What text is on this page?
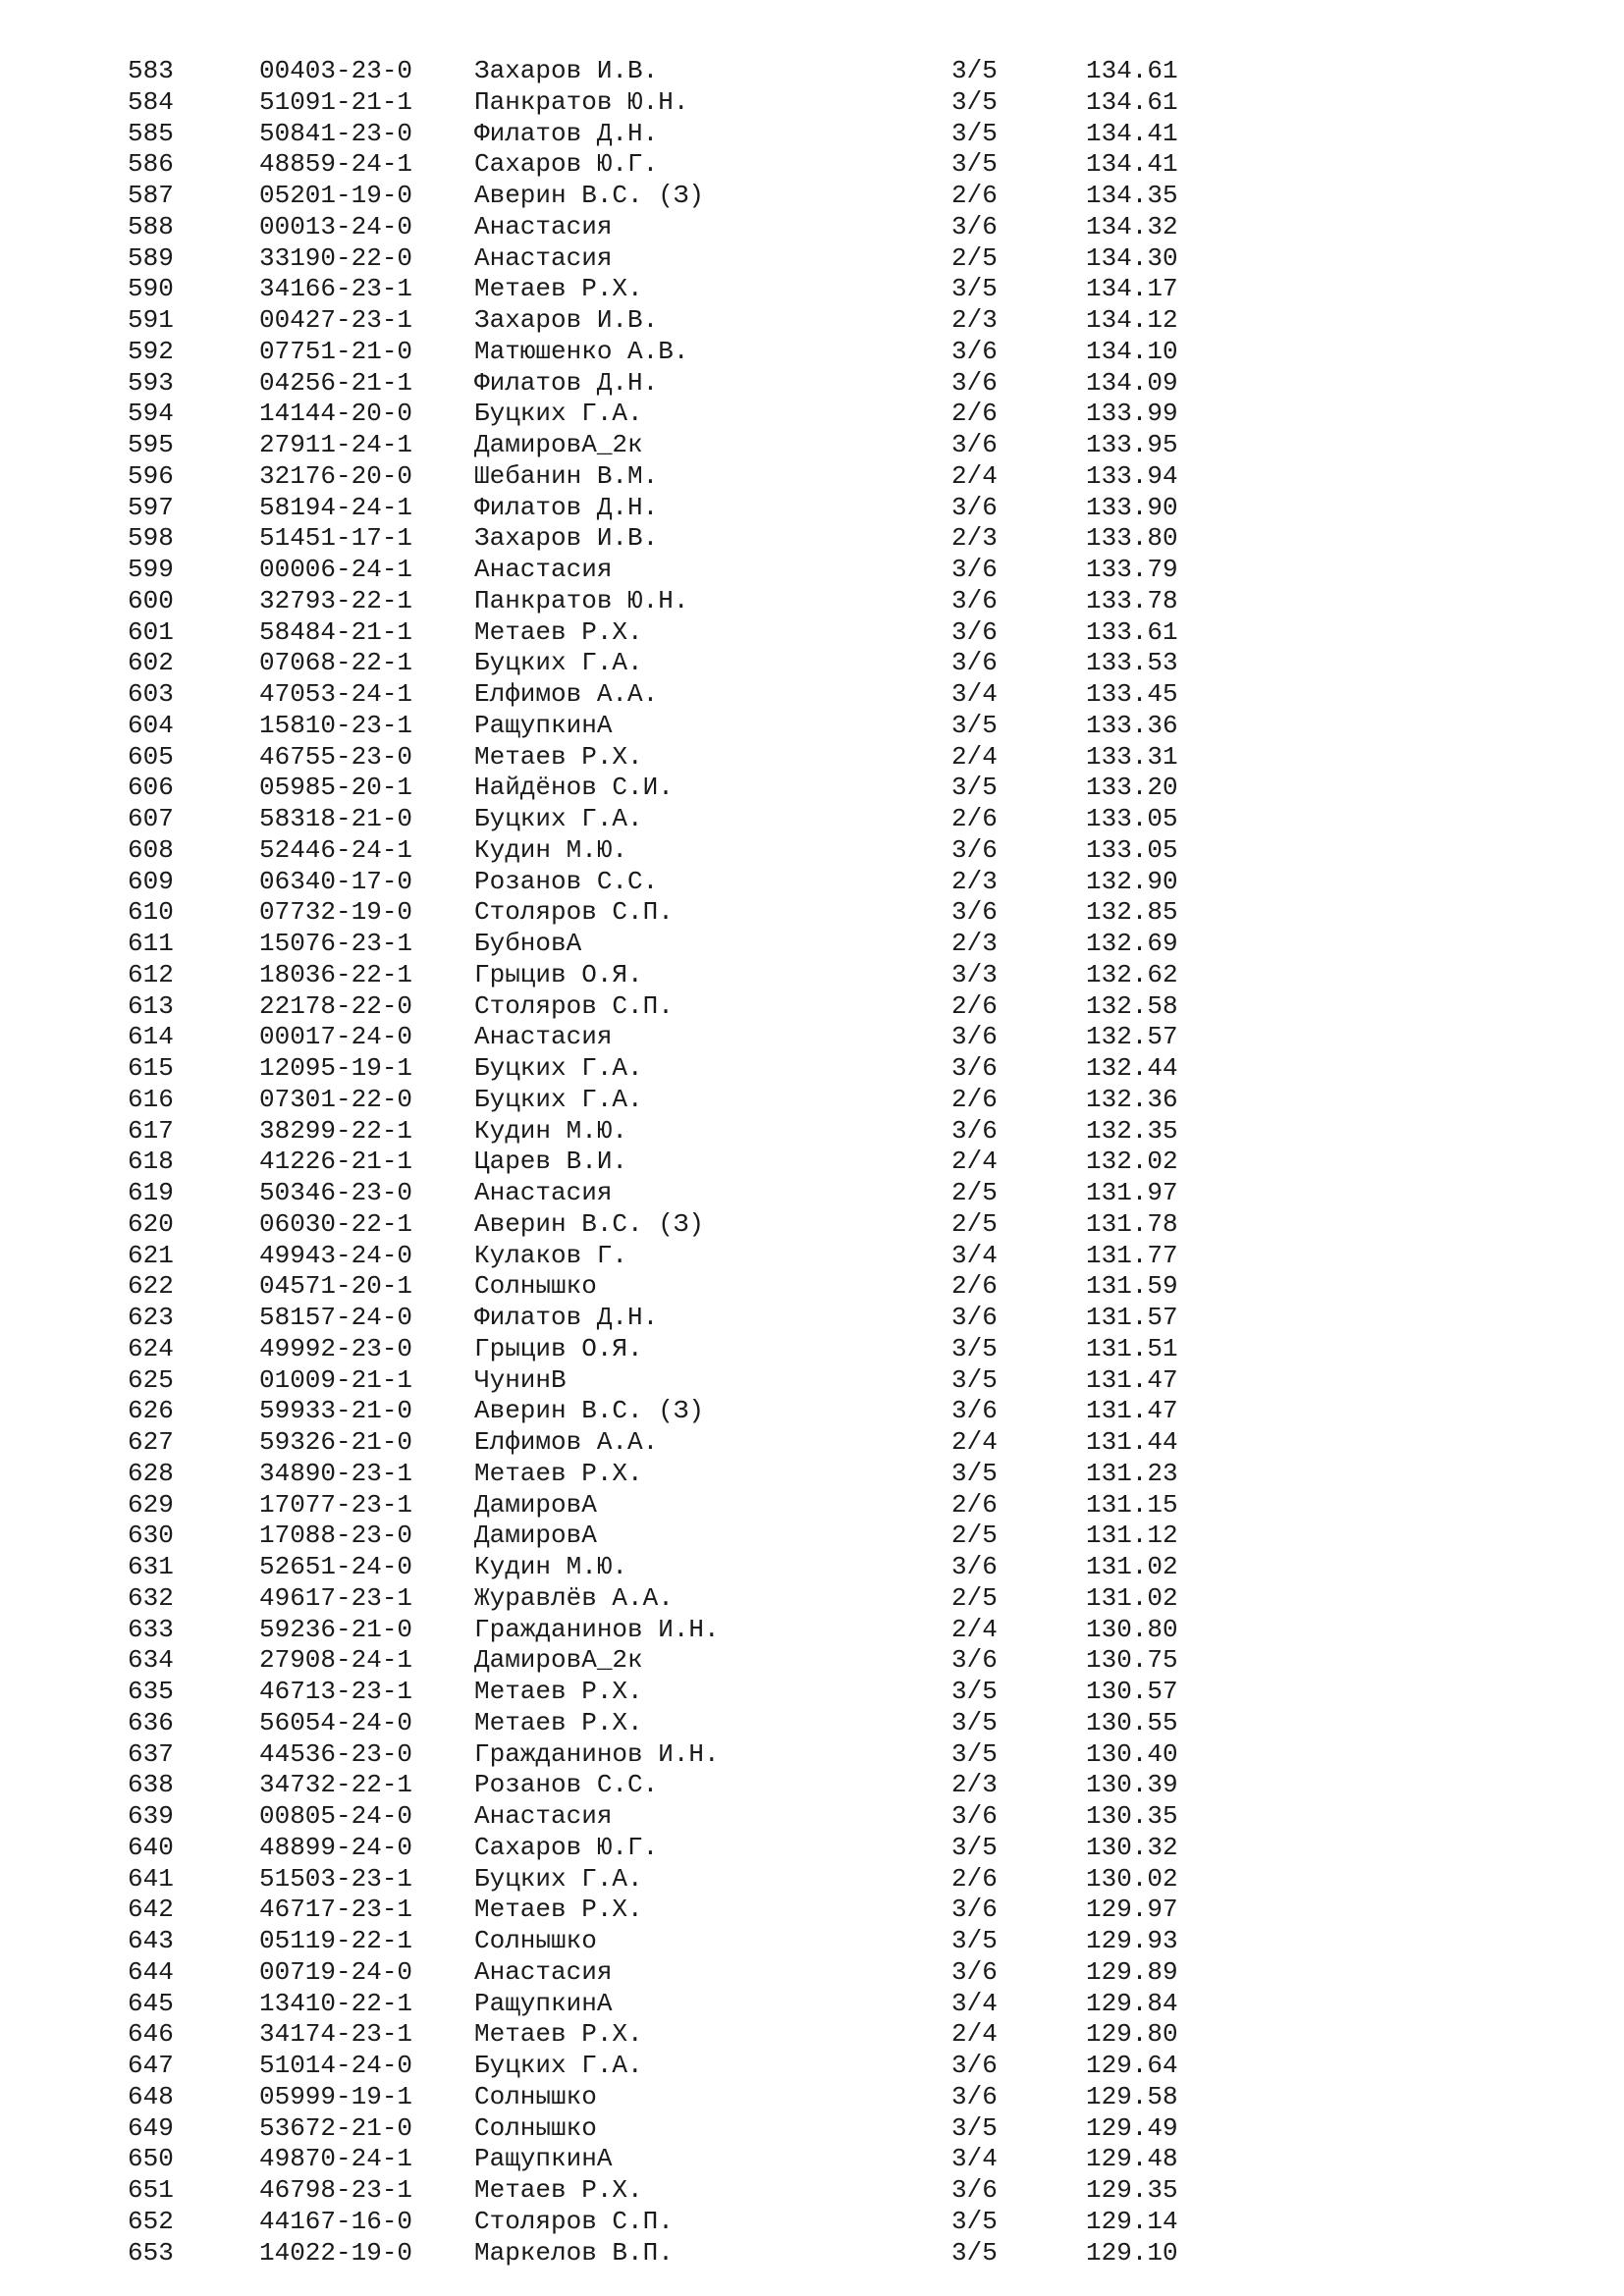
583	00403-23-0 Захаров И.В.	3/5	134.61
584	51091-21-1 Панкратов Ю.Н.	3/5	134.61
585	50841-23-0 Филатов Д.Н.	3/5	134.41
586	48859-24-1 Сахаров Ю.Г.	3/5	134.41
587	05201-19-0 Аверин В.С. (З)	2/6	134.35
588	00013-24-0 Анастасия	3/6	134.32
589	33190-22-0 Анастасия	2/5	134.30
590	34166-23-1 Метаев Р.Х.	3/5	134.17
591	00427-23-1 Захаров И.В.	2/3	134.12
592	07751-21-0 Матюшенко А.В.	3/6	134.10
593	04256-21-1 Филатов Д.Н.	3/6	134.09
594	14144-20-0 Буцких Г.А.	2/6	133.99
595	27911-24-1 ДамировА_2к	3/6	133.95
596	32176-20-0 Шебанин В.М.	2/4	133.94
597	58194-24-1 Филатов Д.Н.	3/6	133.90
598	51451-17-1 Захаров И.В.	2/3	133.80
599	00006-24-1 Анастасия	3/6	133.79
600	32793-22-1 Панкратов Ю.Н.	3/6	133.78
601	58484-21-1 Метаев Р.Х.	3/6	133.61
602	07068-22-1 Буцких Г.А.	3/6	133.53
603	47053-24-1 Елфимов А.А.	3/4	133.45
604	15810-23-1 РащупкинА	3/5	133.36
605	46755-23-0 Метаев Р.Х.	2/4	133.31
606	05985-20-1 Найдёнов С.И.	3/5	133.20
607	58318-21-0 Буцких Г.А.	2/6	133.05
608	52446-24-1 Кудин М.Ю.	3/6	133.05
609	06340-17-0 Розанов С.С.	2/3	132.90
610	07732-19-0 Столяров С.П.	3/6	132.85
611	15076-23-1 БубновА	2/3	132.69
612	18036-22-1 Грыцив О.Я.	3/3	132.62
613	22178-22-0 Столяров С.П.	2/6	132.58
614	00017-24-0 Анастасия	3/6	132.57
615	12095-19-1 Буцких Г.А.	3/6	132.44
616	07301-22-0 Буцких Г.А.	2/6	132.36
617	38299-22-1 Кудин М.Ю.	3/6	132.35
618	41226-21-1 Царев В.И.	2/4	132.02
619	50346-23-0 Анастасия	2/5	131.97
620	06030-22-1 Аверин В.С. (З)	2/5	131.78
621	49943-24-0 Кулаков Г.	3/4	131.77
622	04571-20-1 Солнышко	2/6	131.59
623	58157-24-0 Филатов Д.Н.	3/6	131.57
624	49992-23-0 Грыцив О.Я.	3/5	131.51
625	01009-21-1 ЧунинВ	3/5	131.47
626	59933-21-0 Аверин В.С. (З)	3/6	131.47
627	59326-21-0 Елфимов А.А.	2/4	131.44
628	34890-23-1 Метаев Р.Х.	3/5	131.23
629	17077-23-1 ДамировА	2/6	131.15
630	17088-23-0 ДамировА	2/5	131.12
631	52651-24-0 Кудин М.Ю.	3/6	131.02
632	49617-23-1 Журавлёв А.А.	2/5	131.02
633	59236-21-0 Гражданинов И.Н.	2/4	130.80
634	27908-24-1 ДамировА_2к	3/6	130.75
635	46713-23-1 Метаев Р.Х.	3/5	130.57
636	56054-24-0 Метаев Р.Х.	3/5	130.55
637	44536-23-0 Гражданинов И.Н.	3/5	130.40
638	34732-22-1 Розанов С.С.	2/3	130.39
639	00805-24-0 Анастасия	3/6	130.35
640	48899-24-0 Сахаров Ю.Г.	3/5	130.32
641	51503-23-1 Буцких Г.А.	2/6	130.02
642	46717-23-1 Метаев Р.Х.	3/6	129.97
643	05119-22-1 Солнышко	3/5	129.93
644	00719-24-0 Анастасия	3/6	129.89
645	13410-22-1 РащупкинА	3/4	129.84
646	34174-23-1 Метаев Р.Х.	2/4	129.80
647	51014-24-0 Буцких Г.А.	3/6	129.64
648	05999-19-1 Солнышко	3/6	129.58
649	53672-21-0 Солнышко	3/5	129.49
650	49870-24-1 РащупкинА	3/4	129.48
651	46798-23-1 Метаев Р.Х.	3/6	129.35
652	44167-16-0 Столяров С.П.	3/5	129.14
653	14022-19-0 Маркелов В.П.	3/5	129.10
